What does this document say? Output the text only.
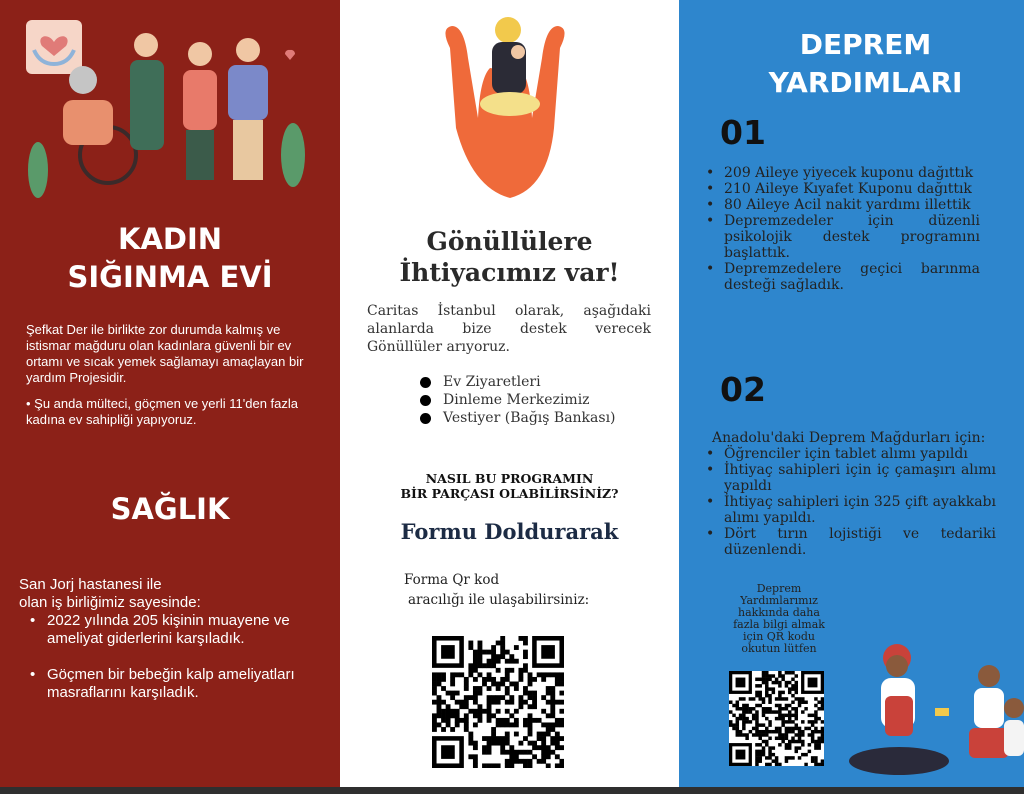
KADIN
SIĞINMA EVİ
Şefkat Der ile birlikte zor durumda kalmış ve istismar mağduru olan kadınlara güvenli bir ev ortamı ve sıcak yemek sağlamayı amaçlayan bir yardım Projesidir.
• Şu anda mülteci, göçmen ve yerli 11'den fazla kadına ev sahipliği yapıyoruz.
SAĞLIK
San Jorj hastanesi ile
olan iş birliğimiz sayesinde:
• 2022 yılında 205 kişinin muayene ve ameliyat giderlerini karşıladık.
• Göçmen bir bebeğin kalp ameliyatları masraflarını karşıladık.
Gönüllülere
İhtiyacımız var!
Caritas İstanbul olarak, aşağıdaki alanlarda bize destek verecek Gönüllüler arıyoruz.
Ev Ziyaretleri
Dinleme Merkezimiz
Vestiyer (Bağış Bankası)
NASIL BU PROGRAMIN
BİR PARÇASI OLABİLİRSİNİZ?
Formu Doldurarak
Forma Qr kod
aracılığı ile ulaşabilirsiniz:
DEPREM
YARDIMLARI
01
• 209 Aileye yiyecek kuponu dağıttık
• 210 Aileye Kıyafet Kuponu dağıttık
• 80 Aileye Acil nakit yardımı illettik
• Depremzedeler için düzenli psikolojik destek programını başlattık.
• Depremzedelere geçici barınma desteği sağladık.
02
Anadolu'daki Deprem Mağdurları için:
• Öğrenciler için tablet alımı yapıldı
• İhtiyaç sahipleri için iç çamaşırı alımı yapıldı
• İhtiyaç sahipleri için 325 çift ayakkabı alımı yapıldı.
• Dört tırın lojistiği ve tedariki düzenlendi.
Deprem
Yardımlarımız
hakkında daha
fazla bilgi almak
için QR kodu
okutun lütfen
